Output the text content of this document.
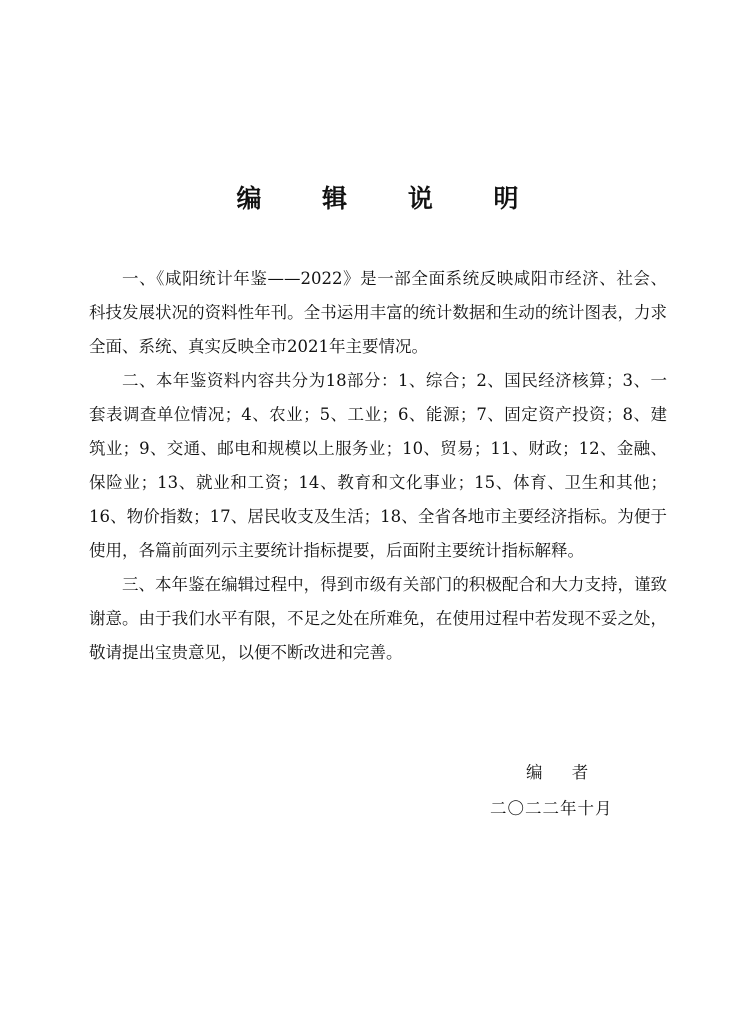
编 辑 说 明

一、《咸阳统计年鉴——2022》是一部全面系统反映咸阳市经济、社会、科技发展状况的资料性年刊。全书运用丰富的统计数据和生动的统计图表，力求全面、系统、真实反映全市2021年主要情况。

二、本年鉴资料内容共分为18部分：1、综合；2、国民经济核算；3、一套表调查单位情况；4、农业；5、工业；6、能源；7、固定资产投资；8、建筑业；9、交通、邮电和规模以上服务业；10、贸易；11、财政；12、金融、保险业；13、就业和工资；14、教育和文化事业；15、体育、卫生和其他；16、物价指数；17、居民收支及生活；18、全省各地市主要经济指标。为便于使用，各篇前面列示主要统计指标提要，后面附主要统计指标解释。

三、本年鉴在编辑过程中，得到市级有关部门的积极配合和大力支持，谨致谢意。由于我们水平有限，不足之处在所难免，在使用过程中若发现不妥之处，敬请提出宝贵意见，以便不断改进和完善。

编 者
二〇二二年十月
